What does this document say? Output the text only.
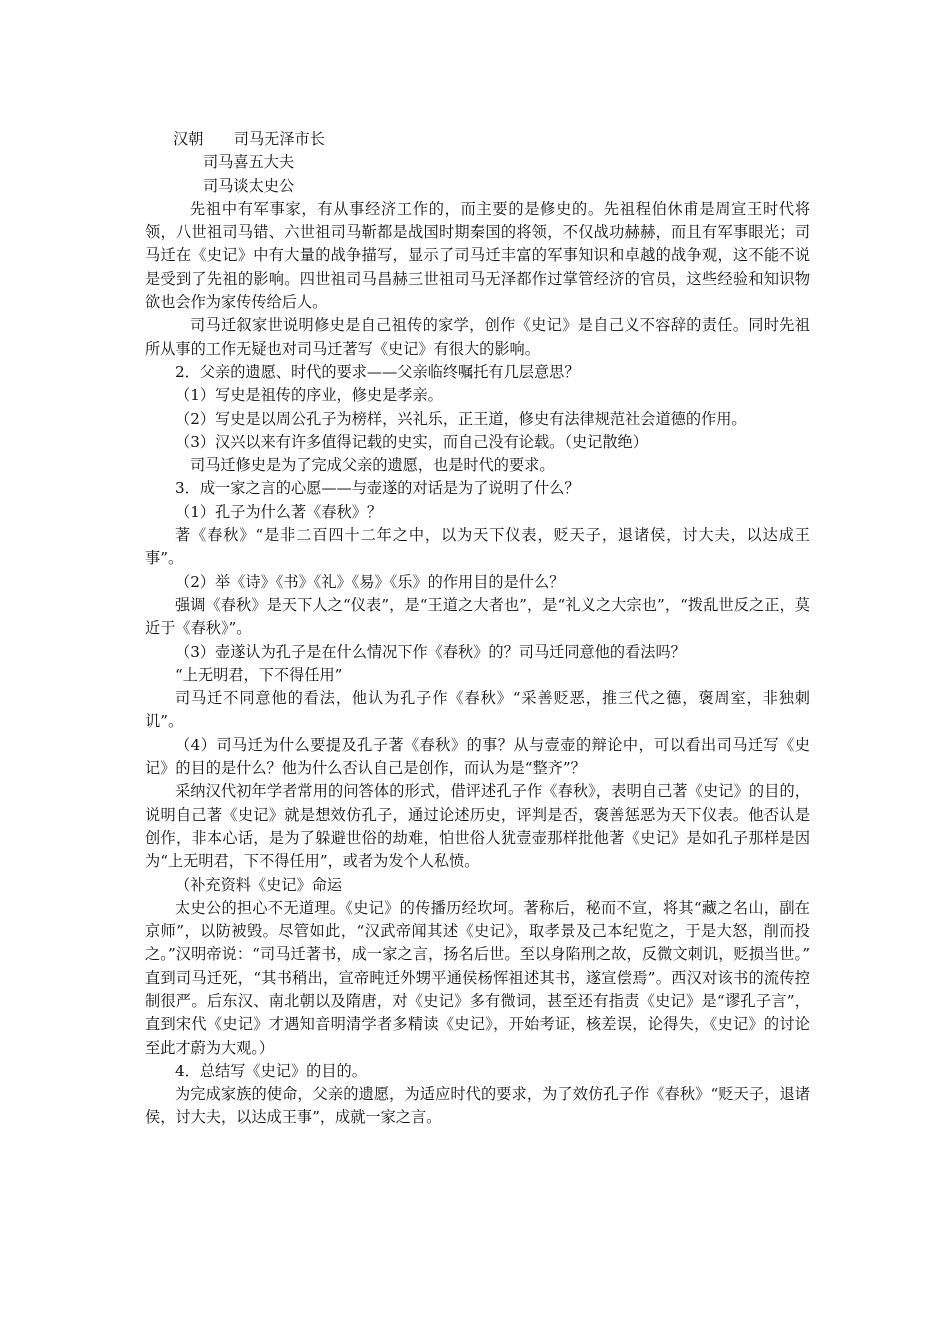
汉朝　　司马无泽市长

司马喜五大夫

司马谈太史公

先祖中有军事家，有从事经济工作的，而主要的是修史的。先祖程伯休甫是周宣王时代将领，八世祖司马错、六世祖司马靳都是战国时期秦国的将领，不仅战功赫赫，而且有军事眼光；司马迁在《史记》中有大量的战争描写，显示了司马迁丰富的军事知识和卓越的战争观，这不能不说是受到了先祖的影响。四世祖司马昌赫三世祖司马无泽都作过掌管经济的官员，这些经验和知识物欲也会作为家传传给后人。

司马迁叙家世说明修史是自己祖传的家学，创作《史记》是自己义不容辞的责任。同时先祖所从事的工作无疑也对司马迁著写《史记》有很大的影响。

2．父亲的遗愿、时代的要求——父亲临终嘱托有几层意思？

（1）写史是祖传的序业，修史是孝亲。

（2）写史是以周公孔子为榜样，兴礼乐，正王道，修史有法律规范社会道德的作用。

（3）汉兴以来有许多值得记载的史实，而自己没有论载。（史记散绝）

司马迁修史是为了完成父亲的遗愿，也是时代的要求。

3．成一家之言的心愿——与壶遂的对话是为了说明了什么？

（1）孔子为什么著《春秋》？

著《春秋》“是非二百四十二年之中，以为天下仪表，贬天子，退诸侯，讨大夫，以达成王事”。

（2）举《诗》《书》《礼》《易》《乐》的作用目的是什么？

强调《春秋》是天下人之“仪表”，是“王道之大者也”，是“礼义之大宗也”，“拨乱世反之正，莫近于《春秋》”。

（3）壶遂认为孔子是在什么情况下作《春秋》的？司马迁同意他的看法吗？

“上无明君，下不得任用”

司马迁不同意他的看法，他认为孔子作《春秋》“采善贬恶，推三代之德，褒周室，非独刺讥”。

（4）司马迁为什么要提及孔子著《春秋》的事？从与壹壶的辩论中，可以看出司马迁写《史记》的目的是什么？他为什么否认自己是创作，而认为是“整齐”？

采纳汉代初年学者常用的问答体的形式，借评述孔子作《春秋》，表明自己著《史记》的目的，说明自己著《史记》就是想效仿孔子，通过论述历史，评判是否，褒善惩恶为天下仪表。他否认是创作，非本心话，是为了躲避世俗的劫难，怕世俗人犹壹壶那样批他著《史记》是如孔子那样是因为“上无明君，下不得任用”，或者为发个人私愤。

（补充资料《史记》命运

太史公的担心不无道理。《史记》的传播历经坎坷。著称后，秘而不宣，将其“藏之名山，副在京师”，以防被毁。尽管如此，“汉武帝闻其述《史记》，取孝景及己本纪览之，于是大怒，削而投之。”汉明帝说：“司马迁著书，成一家之言，扬名后世。至以身陷刑之故，反微文刺讥，贬损当世。” 直到司马迁死，“其书稍出，宣帝旽迁外甥平通侯杨恽祖述其书，遂宣偿焉”。西汉对该书的流传控制很严。后东汉、南北朝以及隋唐，对《史记》多有微词，甚至还有指责《史记》是“谬孔子言”，直到宋代《史记》才遇知音明清学者多精读《史记》，开始考证，核差误，论得失，《史记》的讨论至此才蔚为大观。）

4．总结写《史记》的目的。

为完成家族的使命，父亲的遗愿，为适应时代的要求，为了效仿孔子作《春秋》“贬天子，退诸侯，讨大夫，以达成王事”，成就一家之言。
